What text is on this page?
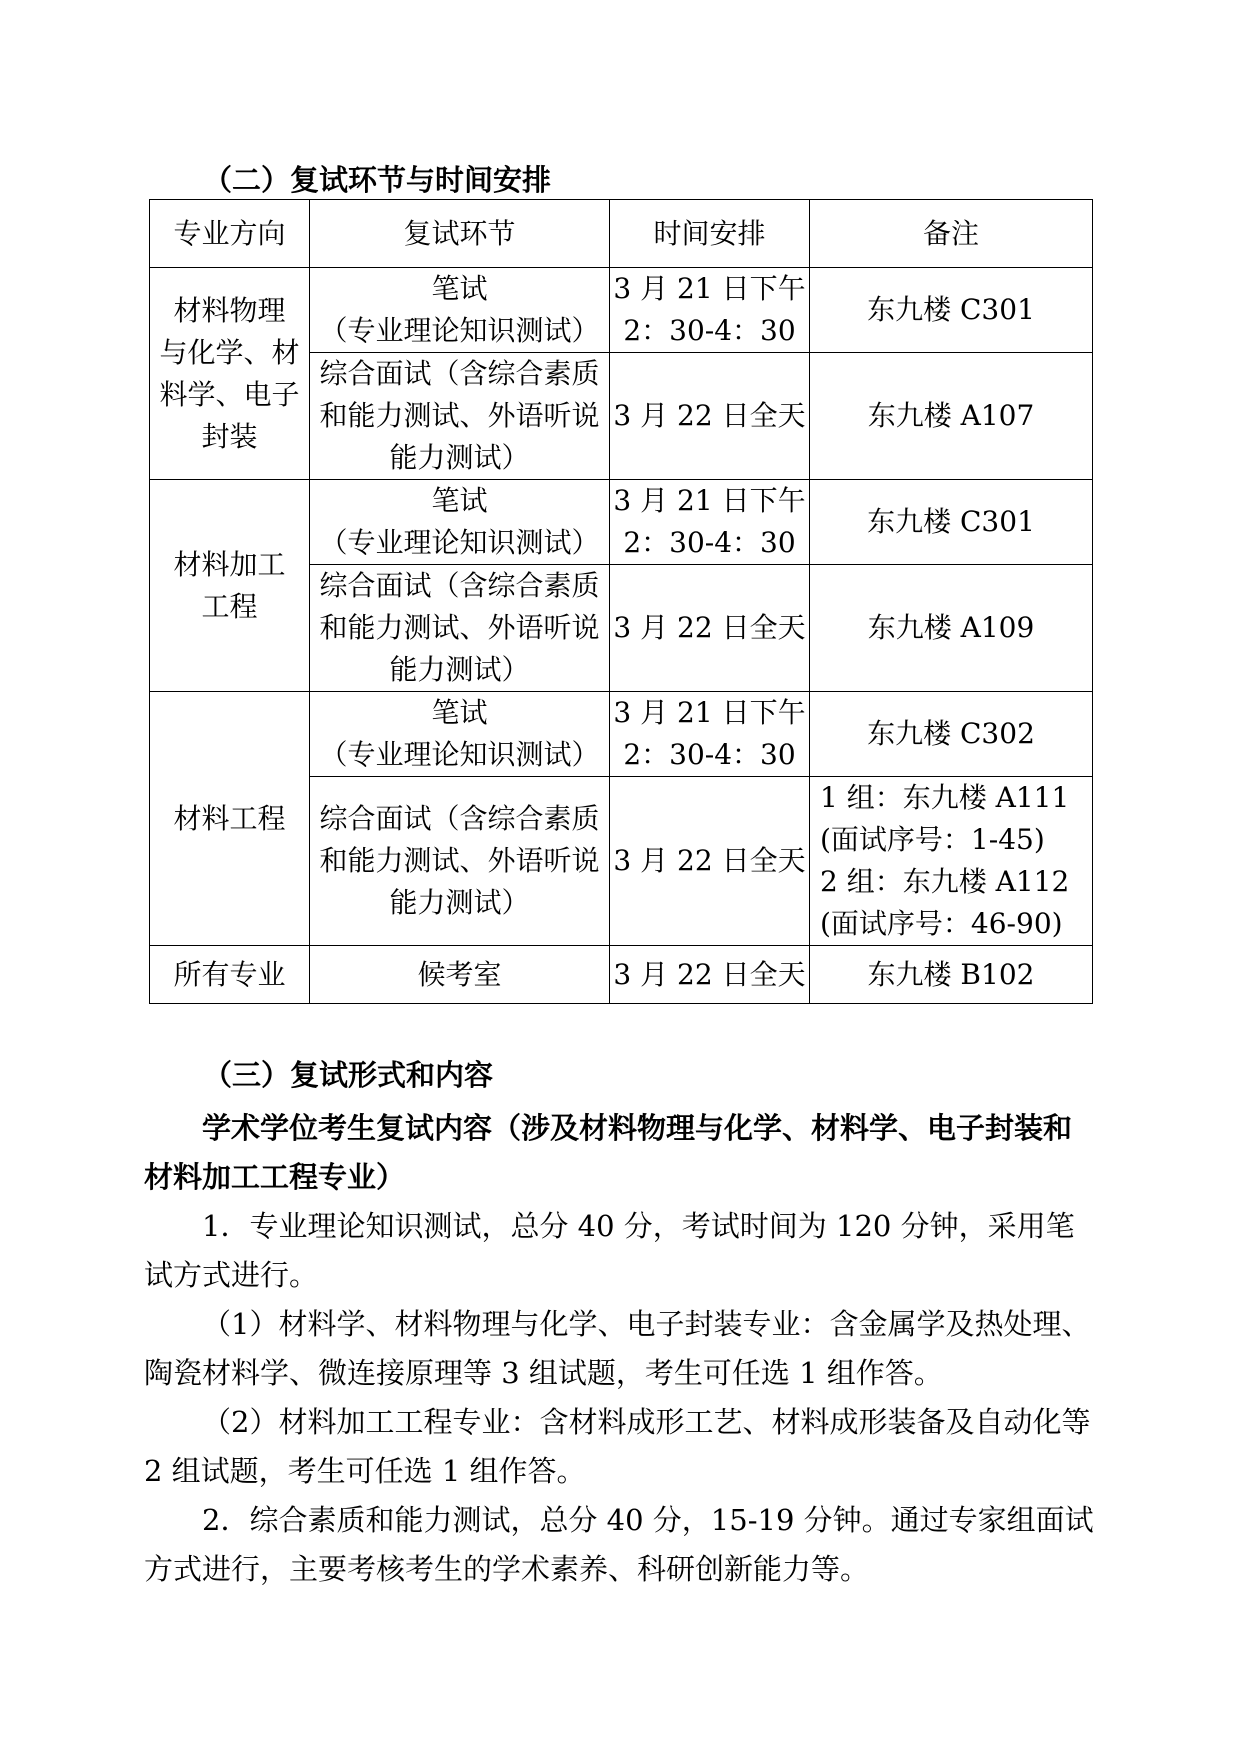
（二）复试环节与时间安排
专业方向	复试环节	时间安排	备注
材料物理
与化学、材
料学、电子
封装	笔试
（专业理论知识测试）	3 月 21 日下午
2：30-4：30	东九楼 C301
	综合面试（含综合素质
和能力测试、外语听说
能力测试）	3 月 22 日全天	东九楼 A107
材料加工
工程	笔试
（专业理论知识测试）	3 月 21 日下午
2：30-4：30	东九楼 C301
	综合面试（含综合素质
和能力测试、外语听说
能力测试）	3 月 22 日全天	东九楼 A109
材料工程	笔试
（专业理论知识测试）	3 月 21 日下午
2：30-4：30	东九楼 C302
	综合面试（含综合素质
和能力测试、外语听说
能力测试）	3 月 22 日全天	1 组：东九楼 A111
(面试序号：1-45)
2 组：东九楼 A112
(面试序号：46-90)
所有专业	候考室	3 月 22 日全天	东九楼 B102
（三）复试形式和内容
学术学位考生复试内容（涉及材料物理与化学、材料学、电子封装和材料加工工程专业）
1．专业理论知识测试，总分 40 分，考试时间为 120 分钟，采用笔试方式进行。
（1）材料学、材料物理与化学、电子封装专业：含金属学及热处理、陶瓷材料学、微连接原理等 3 组试题，考生可任选 1 组作答。
（2）材料加工工程专业：含材料成形工艺、材料成形装备及自动化等 2 组试题，考生可任选 1 组作答。
2．综合素质和能力测试，总分 40 分，15-19 分钟。通过专家组面试方式进行，主要考核考生的学术素养、科研创新能力等。
